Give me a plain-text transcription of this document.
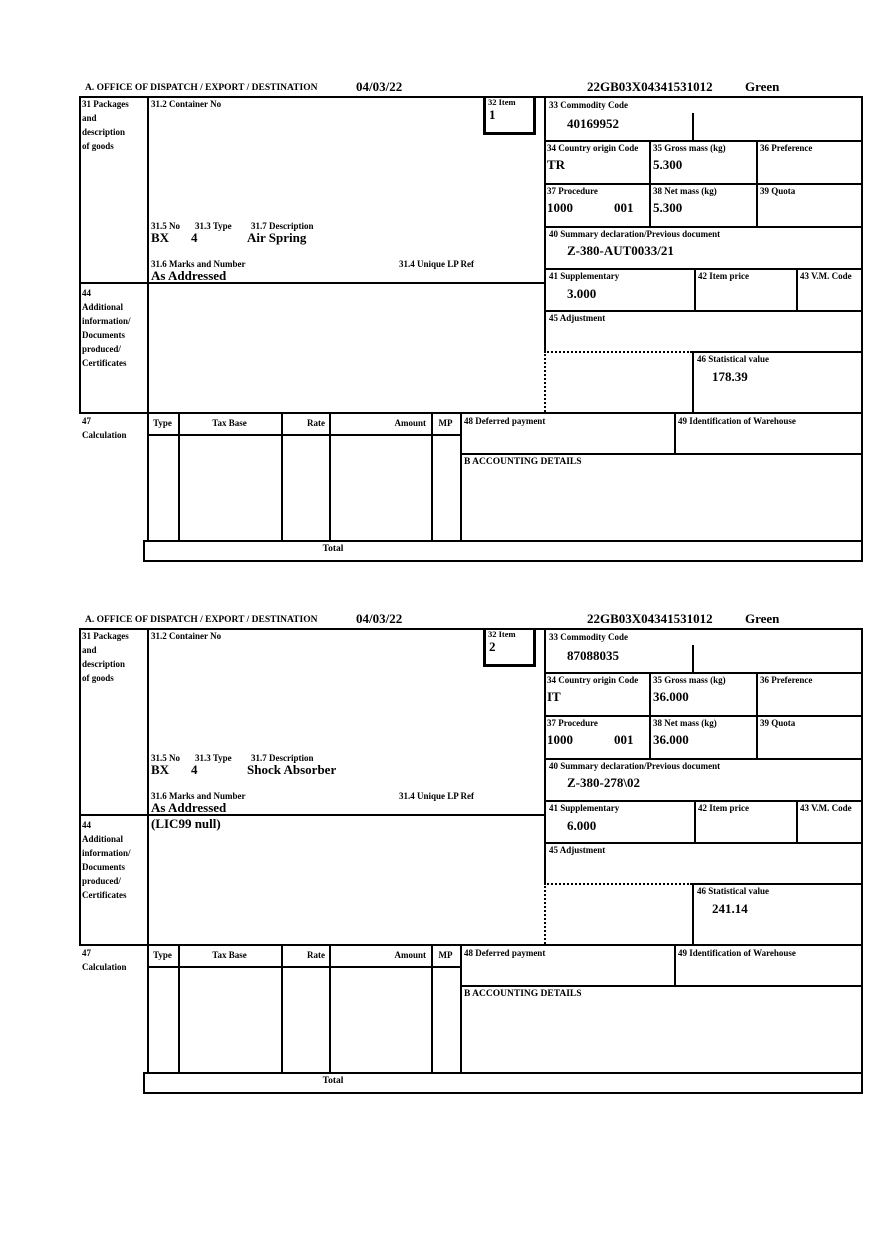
A. OFFICE OF DISPATCH / EXPORT / DESTINATION	04/03/22	22GB03X04341531012 Green
31 Packages
and
description
of goods
31.2 Container No	32 Item
1
31.5 No 31.3 Type 31.7 Description
BX 4	Air Spring
31.6 Marks and Number	31.4 Unique LP Ref
As Addressed
33 Commodity Code
40169952
34 Country origin Code
TR
35 Gross mass (kg)
5.300
36 Preference
37 Procedure
1000	001
38 Net mass (kg)
5.300
39 Quota
40 Summary declaration/Previous document
Z-380-AUT0033/21
41 Supplementary
3.000
42 Item price	43 V.M. Code
45 Adjustment
46 Statistical value
178.39
44
Additional
information/
Documents
produced/
Certificates
47
Calculation
Type	Tax Base	Rate	Amount	MP	48 Deferred payment	49 Identification of Warehouse
B ACCOUNTING DETAILS
Total
A. OFFICE OF DISPATCH / EXPORT / DESTINATION	04/03/22	22GB03X04341531012 Green
31 Packages
and
description
of goods
31.2 Container No	32 Item
2
31.5 No 31.3 Type 31.7 Description
BX 4	Shock Absorber
31.6 Marks and Number	31.4 Unique LP Ref
As Addressed
33 Commodity Code
87088035
34 Country origin Code
IT
35 Gross mass (kg)
36.000
36 Preference
37 Procedure
1000	001
38 Net mass (kg)
36.000
39 Quota
40 Summary declaration/Previous document
Z-380-278\02
41 Supplementary
6.000
42 Item price	43 V.M. Code
45 Adjustment
46 Statistical value
241.14
44
Additional
information/
Documents
produced/
Certificates
(LIC99 null)
47
Calculation
Type	Tax Base	Rate	Amount	MP	48 Deferred payment	49 Identification of Warehouse
B ACCOUNTING DETAILS
Total
